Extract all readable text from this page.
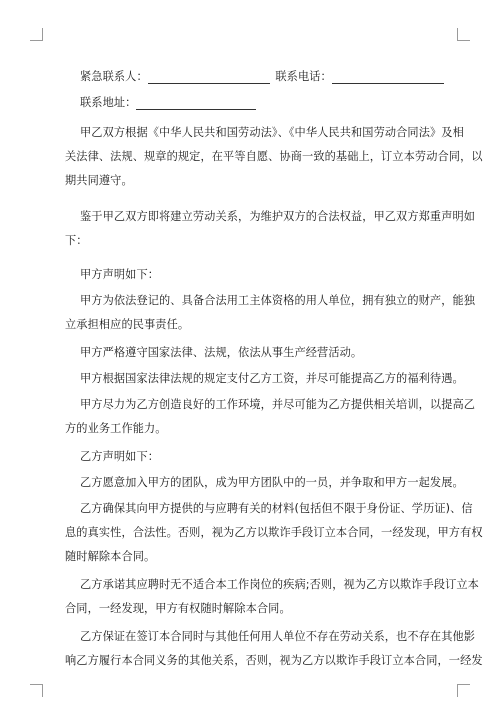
紧急联系人：	联系电话：
联系地址：
甲乙双方根据《中华人民共和国劳动法》、《中华人民共和国劳动合同法》及相
关法律、法规、规章的规定，在平等自愿、协商一致的基础上，订立本劳动合同，以
期共同遵守。
鉴于甲乙双方即将建立劳动关系，为维护双方的合法权益，甲乙双方郑重声明如
下：
甲方声明如下：
甲方为依法登记的、具备合法用工主体资格的用人单位，拥有独立的财产，能独
立承担相应的民事责任。
甲方严格遵守国家法律、法规，依法从事生产经营活动。
甲方根据国家法律法规的规定支付乙方工资，并尽可能提高乙方的福利待遇。
甲方尽力为乙方创造良好的工作环境，并尽可能为乙方提供相关培训，以提高乙
方的业务工作能力。
乙方声明如下：
乙方愿意加入甲方的团队，成为甲方团队中的一员，并争取和甲方一起发展。
乙方确保其向甲方提供的与应聘有关的材料(包括但不限于身份证、学历证)、信
息的真实性，合法性。否则，视为乙方以欺诈手段订立本合同，一经发现，甲方有权
随时解除本合同。
乙方承诺其应聘时无不适合本工作岗位的疾病;否则，视为乙方以欺诈手段订立本
合同，一经发现，甲方有权随时解除本合同。
乙方保证在签订本合同时与其他任何用人单位不存在劳动关系，也不存在其他影
响乙方履行本合同义务的其他关系，否则，视为乙方以欺诈手段订立本合同，一经发
